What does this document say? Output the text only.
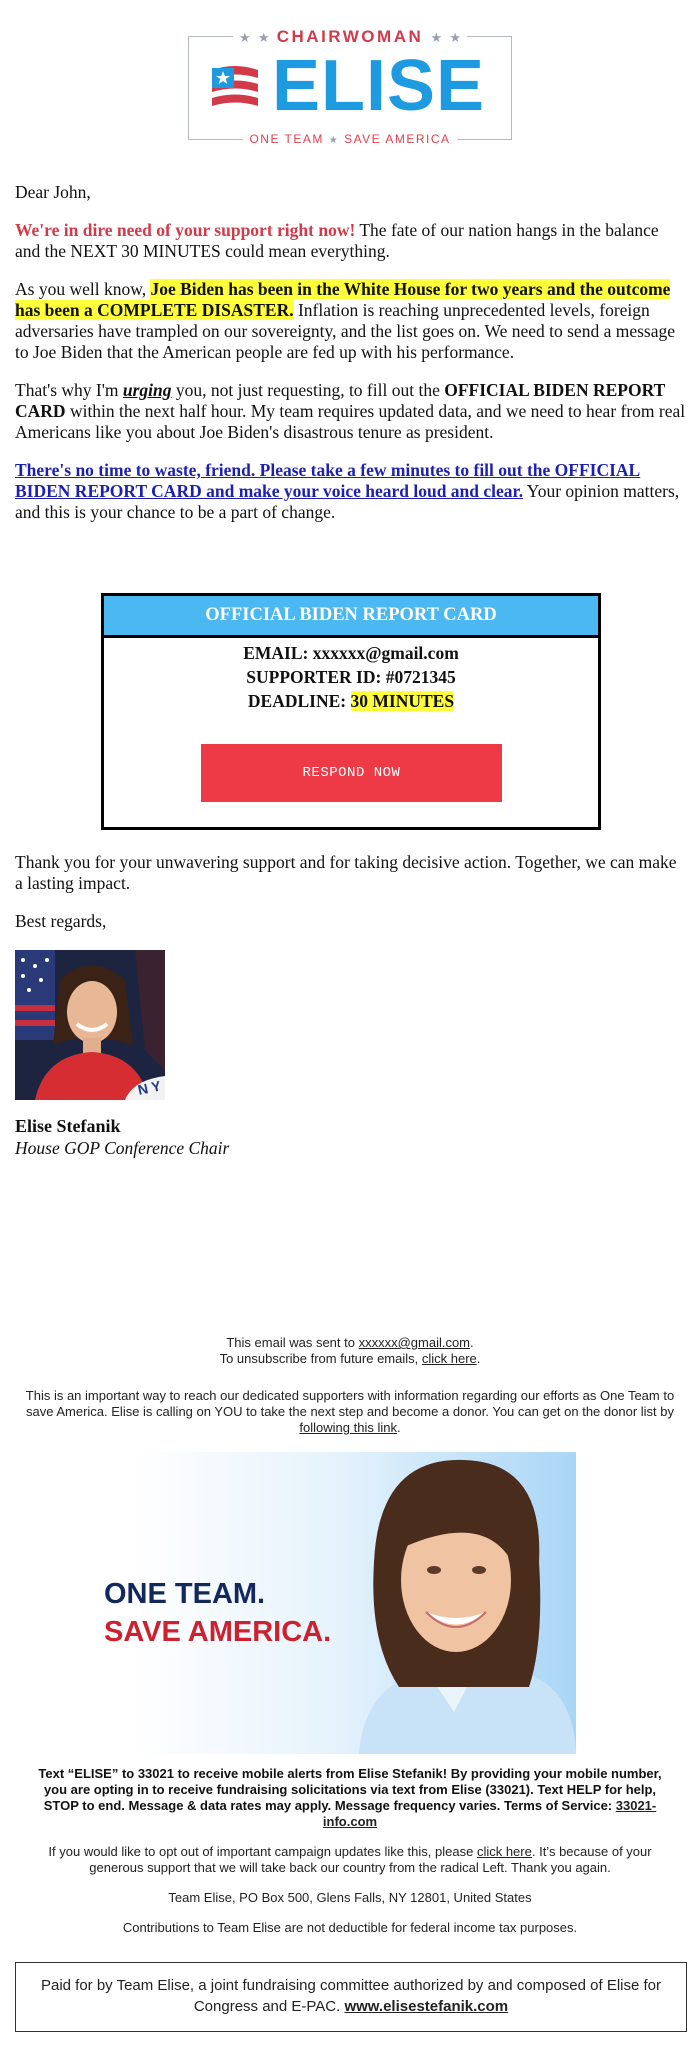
★ ★ CHAIRWOMAN ★ ★
ELISE
ONE TEAM ★ SAVE AMERICA

Dear John,

We're in dire need of your support right now! The fate of our nation hangs in the balance and the NEXT 30 MINUTES could mean everything.

As you well know, Joe Biden has been in the White House for two years and the outcome has been a COMPLETE DISASTER. Inflation is reaching unprecedented levels, foreign adversaries have trampled on our sovereignty, and the list goes on. We need to send a message to Joe Biden that the American people are fed up with his performance.

That's why I'm urging you, not just requesting, to fill out the OFFICIAL BIDEN REPORT CARD within the next half hour. My team requires updated data, and we need to hear from real Americans like you about Joe Biden's disastrous tenure as president.

There's no time to waste, friend. Please take a few minutes to fill out the OFFICIAL BIDEN REPORT CARD and make your voice heard loud and clear. Your opinion matters, and this is your chance to be a part of change.

OFFICIAL BIDEN REPORT CARD
EMAIL: xxxxxx@gmail.com
SUPPORTER ID: #0721345
DEADLINE: 30 MINUTES
RESPOND NOW

Thank you for your unwavering support and for taking decisive action. Together, we can make a lasting impact.

Best regards,

N Y
Elise Stefanik
House GOP Conference Chair
This email was sent to xxxxxx@gmail.com.
To unsubscribe from future emails, click here.
This is an important way to reach our dedicated supporters with information regarding our efforts as One Team to save America. Elise is calling on YOU to take the next step and become a donor. You can get on the donor list by following this link.
ONE TEAM.
SAVE AMERICA.
Text “ELISE” to 33021 to receive mobile alerts from Elise Stefanik! By providing your mobile number, you are opting in to receive fundraising solicitations via text from Elise (33021). Text HELP for help, STOP to end. Message & data rates may apply. Message frequency varies. Terms of Service: 33021-info.com
If you would like to opt out of important campaign updates like this, please click here. It’s because of your generous support that we will take back our country from the radical Left. Thank you again.
Team Elise, PO Box 500, Glens Falls, NY 12801, United States
Contributions to Team Elise are not deductible for federal income tax purposes.
Paid for by Team Elise, a joint fundraising committee authorized by and composed of Elise for Congress and E-PAC. www.elisestefanik.com
